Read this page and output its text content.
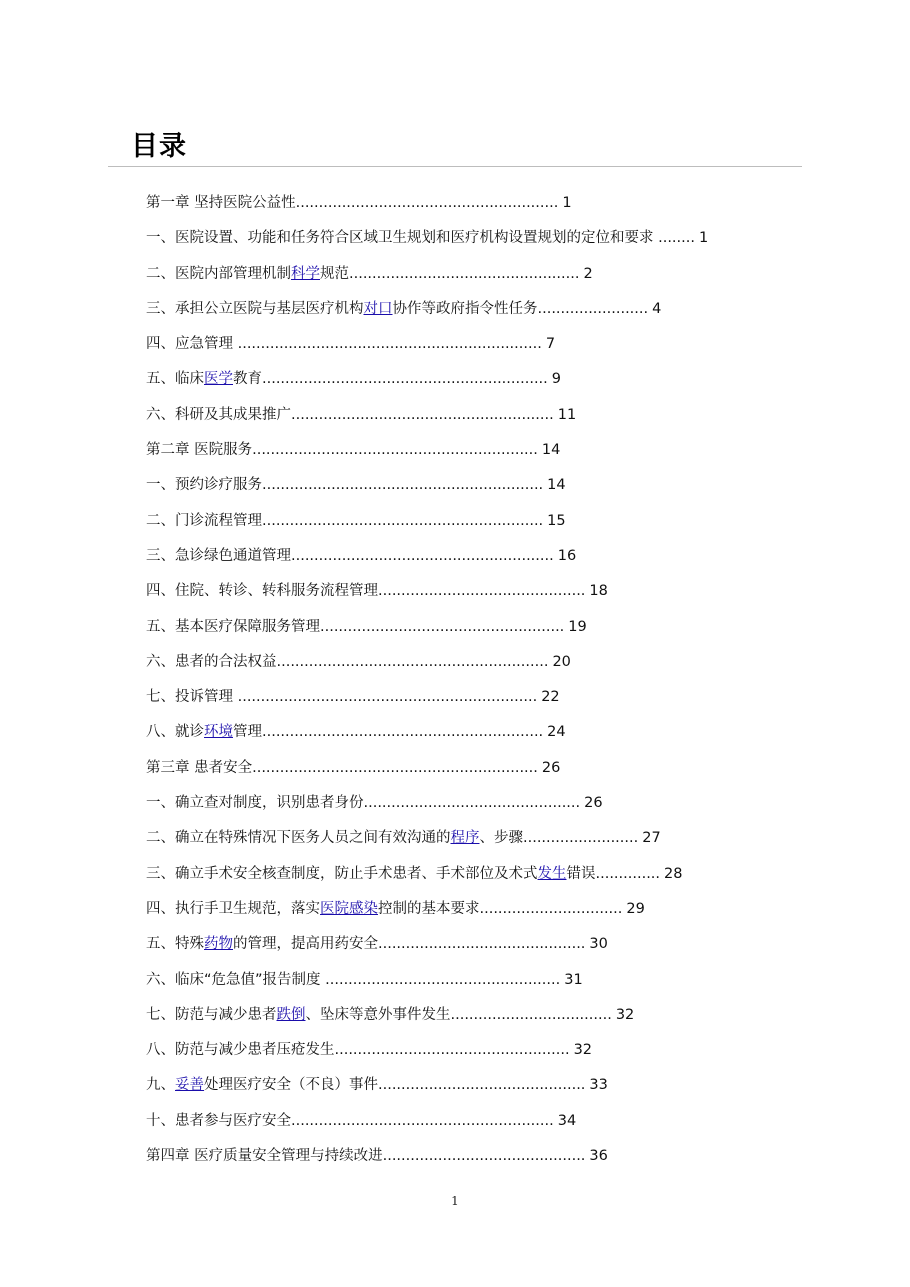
目录
第一章 坚持医院公益性......................................................... 1
一、医院设置、功能和任务符合区域卫生规划和医疗机构设置规划的定位和要求 ........ 1
二、医院内部管理机制科学规范.................................................. 2
三、承担公立医院与基层医疗机构对口协作等政府指令性任务........................ 4
四、应急管理 .................................................................. 7
五、临床医学教育.............................................................. 9
六、科研及其成果推广......................................................... 11
第二章 医院服务.............................................................. 14
一、预约诊疗服务............................................................. 14
二、门诊流程管理............................................................. 15
三、急诊绿色通道管理......................................................... 16
四、住院、转诊、转科服务流程管理............................................. 18
五、基本医疗保障服务管理..................................................... 19
六、患者的合法权益........................................................... 20
七、投诉管理 ................................................................. 22
八、就诊环境管理............................................................. 24
第三章 患者安全.............................................................. 26
一、确立查对制度，识别患者身份............................................... 26
二、确立在特殊情况下医务人员之间有效沟通的程序、步骤......................... 27
三、确立手术安全核查制度，防止手术患者、手术部位及术式发生错误.............. 28
四、执行手卫生规范，落实医院感染控制的基本要求............................... 29
五、特殊药物的管理，提高用药安全............................................. 30
六、临床“危急值”报告制度 ................................................... 31
七、防范与减少患者跌倒、坠床等意外事件发生................................... 32
八、防范与减少患者压疮发生................................................... 32
九、妥善处理医疗安全（不良）事件............................................. 33
十、患者参与医疗安全......................................................... 34
第四章 医疗质量安全管理与持续改进............................................ 36
1
